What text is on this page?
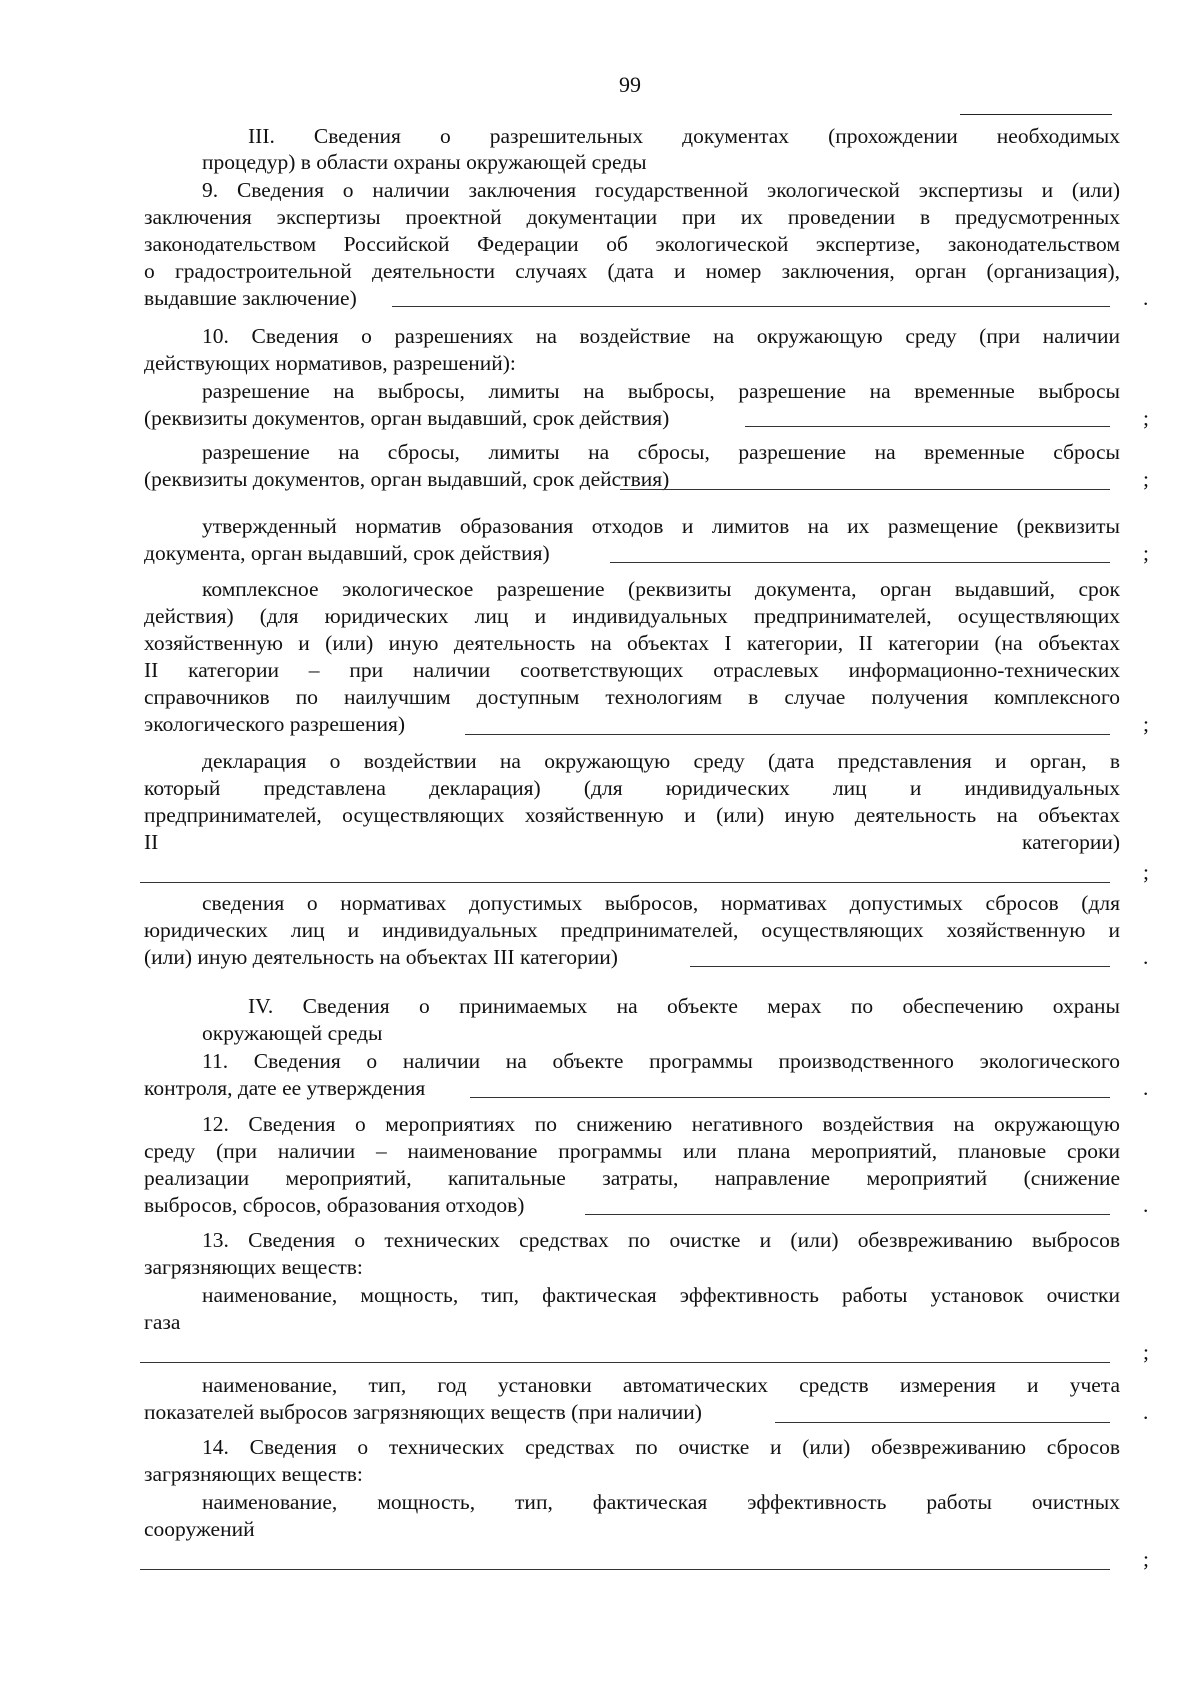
99
III. Сведения о разрешительных документах (прохождении необходимых
процедур) в области охраны окружающей среды
9. Сведения о наличии заключения государственной экологической экспертизы и (или)
заключения экспертизы проектной документации при их проведении в предусмотренных
законодательством Российской Федерации об экологической экспертизе, законодательством
о градостроительной деятельности случаях (дата и номер заключения, орган (организация),
выдавшие заключение)	.
10. Сведения о разрешениях на воздействие на окружающую среду (при наличии
действующих нормативов, разрешений):
разрешение на выбросы, лимиты на выбросы, разрешение на временные выбросы
(реквизиты документов, орган выдавший, срок действия)	;
разрешение на сбросы, лимиты на сбросы, разрешение на временные сбросы
(реквизиты документов, орган выдавший, срок действия)	;
утвержденный норматив образования отходов и лимитов на их размещение (реквизиты
документа, орган выдавший, срок действия)	;
комплексное экологическое разрешение (реквизиты документа, орган выдавший, срок
действия) (для юридических лиц и индивидуальных предпринимателей, осуществляющих
хозяйственную и (или) иную деятельность на объектах I категории, II категории (на объектах
II категории – при наличии соответствующих отраслевых информационно-технических
справочников по наилучшим доступным технологиям в случае получения комплексного
экологического разрешения)	;
декларация о воздействии на окружающую среду (дата представления и орган, в
который представлена декларация) (для юридических лиц и индивидуальных
предпринимателей, осуществляющих хозяйственную и (или) иную деятельность на объектах
II категории)
;
сведения о нормативах допустимых выбросов, нормативах допустимых сбросов (для
юридических лиц и индивидуальных предпринимателей, осуществляющих хозяйственную и
(или) иную деятельность на объектах III категории)	.
IV. Сведения о принимаемых на объекте мерах по обеспечению охраны
окружающей среды
11. Сведения о наличии на объекте программы производственного экологического
контроля, дате ее утверждения	.
12. Сведения о мероприятиях по снижению негативного воздействия на окружающую
среду (при наличии – наименование программы или плана мероприятий, плановые сроки
реализации мероприятий, капитальные затраты, направление мероприятий (снижение
выбросов, сбросов, образования отходов)	.
13. Сведения о технических средствах по очистке и (или) обезвреживанию выбросов
загрязняющих веществ:
наименование, мощность, тип, фактическая эффективность работы установок очистки
газа
;
наименование, тип, год установки автоматических средств измерения и учета
показателей выбросов загрязняющих веществ (при наличии)	.
14. Сведения о технических средствах по очистке и (или) обезвреживанию сбросов
загрязняющих веществ:
наименование, мощность, тип, фактическая эффективность работы очистных
сооружений
;
